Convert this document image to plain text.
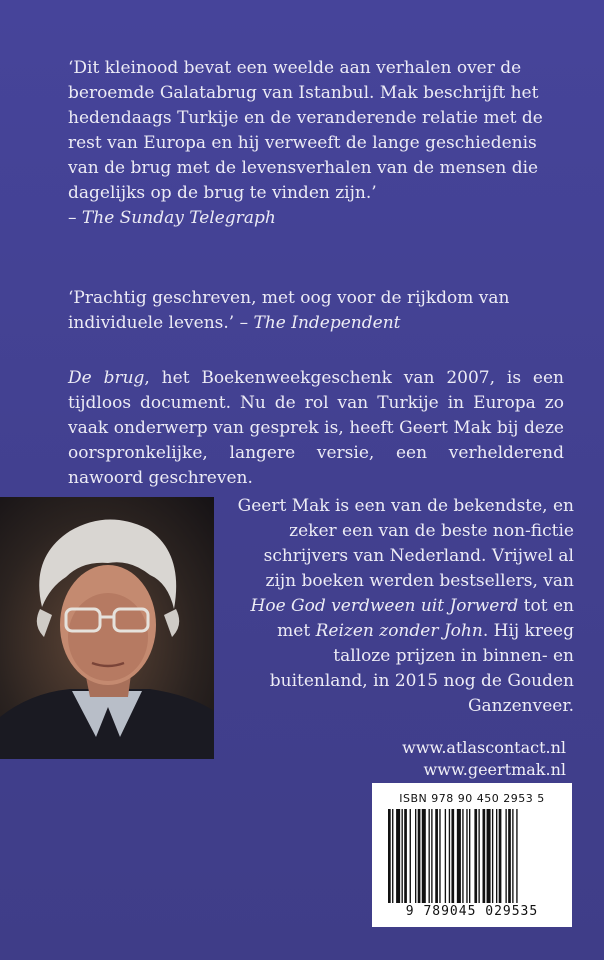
‘Dit kleinood bevat een weelde aan verhalen over de beroemde Galatabrug van Istanbul. Mak beschrijft het hedendaags Turkije en de veranderende relatie met de rest van Europa en hij verweeft de lange geschiedenis van de brug met de levensverhalen van de mensen die dagelijks op de brug te vinden zijn.’

– The Sunday Telegraph

‘Prachtig geschreven, met oog voor de rijkdom van individuele levens.’ – The Independent

De brug, het Boekenweekgeschenk van 2007, is een tijdloos document. Nu de rol van Turkije in Europa zo vaak onderwerp van gesprek is, heeft Geert Mak bij deze oorspronkelijke, langere versie, een verhelderend nawoord geschreven.

Geert Mak is een van de bekendste, en zeker een van de beste non-fictie schrijvers van Nederland. Vrijwel al zijn boeken werden bestsellers, van Hoe God verdween uit Jorwerd tot en met Reizen zonder John. Hij kreeg talloze prijzen in binnen- en buitenland, in 2015 nog de Gouden Ganzenveer.

www.atlascontact.nl
www.geertmak.nl
ISBN 978 90 450 2953 5
9 789045 029535
